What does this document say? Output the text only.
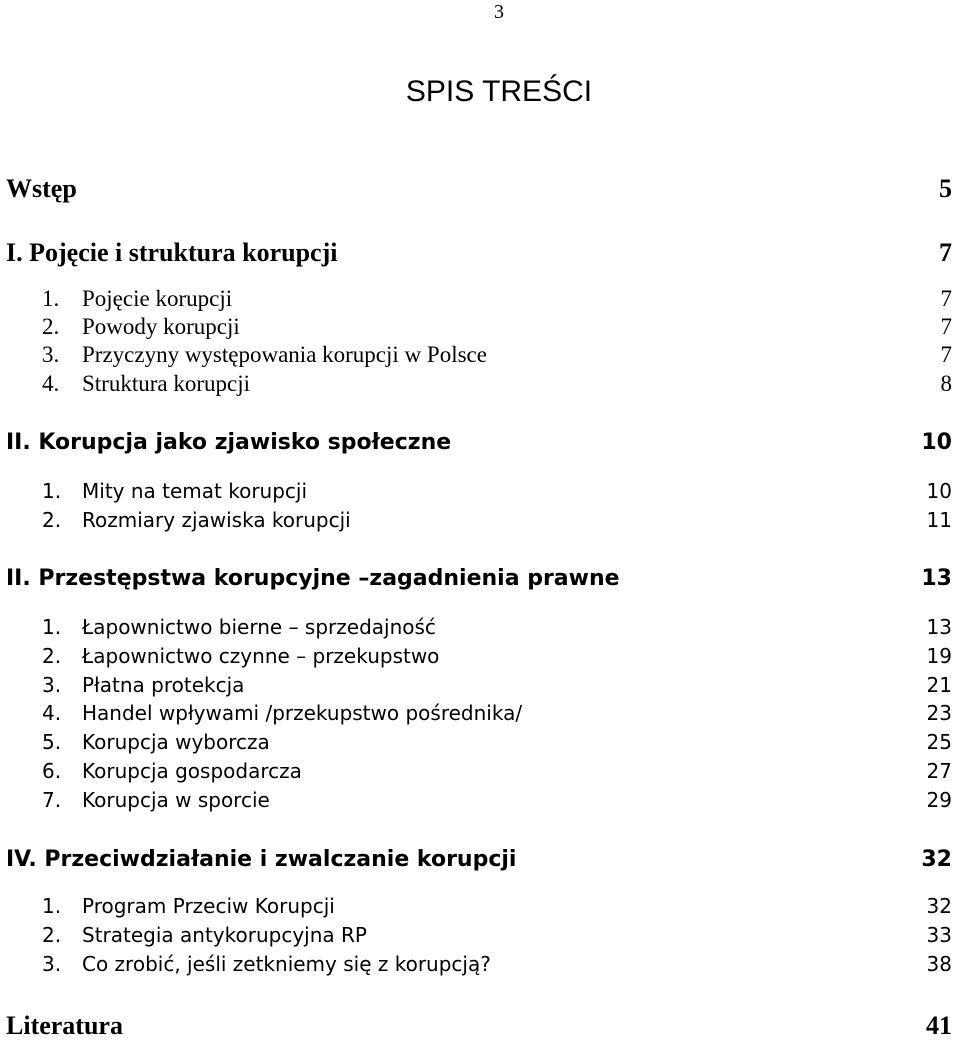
3
SPIS TREŚCI
Wstęp	5
I. Pojęcie i struktura korupcji	7
1. Pojęcie korupcji	7
2. Powody korupcji	7
3. Przyczyny występowania korupcji w Polsce	7
4. Struktura korupcji	8
II. Korupcja jako zjawisko społeczne	10
1. Mity na temat korupcji	10
2. Rozmiary zjawiska korupcji	11
II. Przestępstwa korupcyjne –zagadnienia prawne	13
1. Łapownictwo bierne – sprzedajność	13
2. Łapownictwo czynne – przekupstwo	19
3. Płatna protekcja	21
4. Handel wpływami /przekupstwo pośrednika/	23
5. Korupcja wyborcza	25
6. Korupcja gospodarcza	27
7. Korupcja w sporcie	29
IV. Przeciwdziałanie i zwalczanie korupcji	32
1. Program Przeciw Korupcji	32
2. Strategia antykorupcyjna RP	33
3. Co zrobić, jeśli zetkniemy się z korupcją?	38
Literatura	41
